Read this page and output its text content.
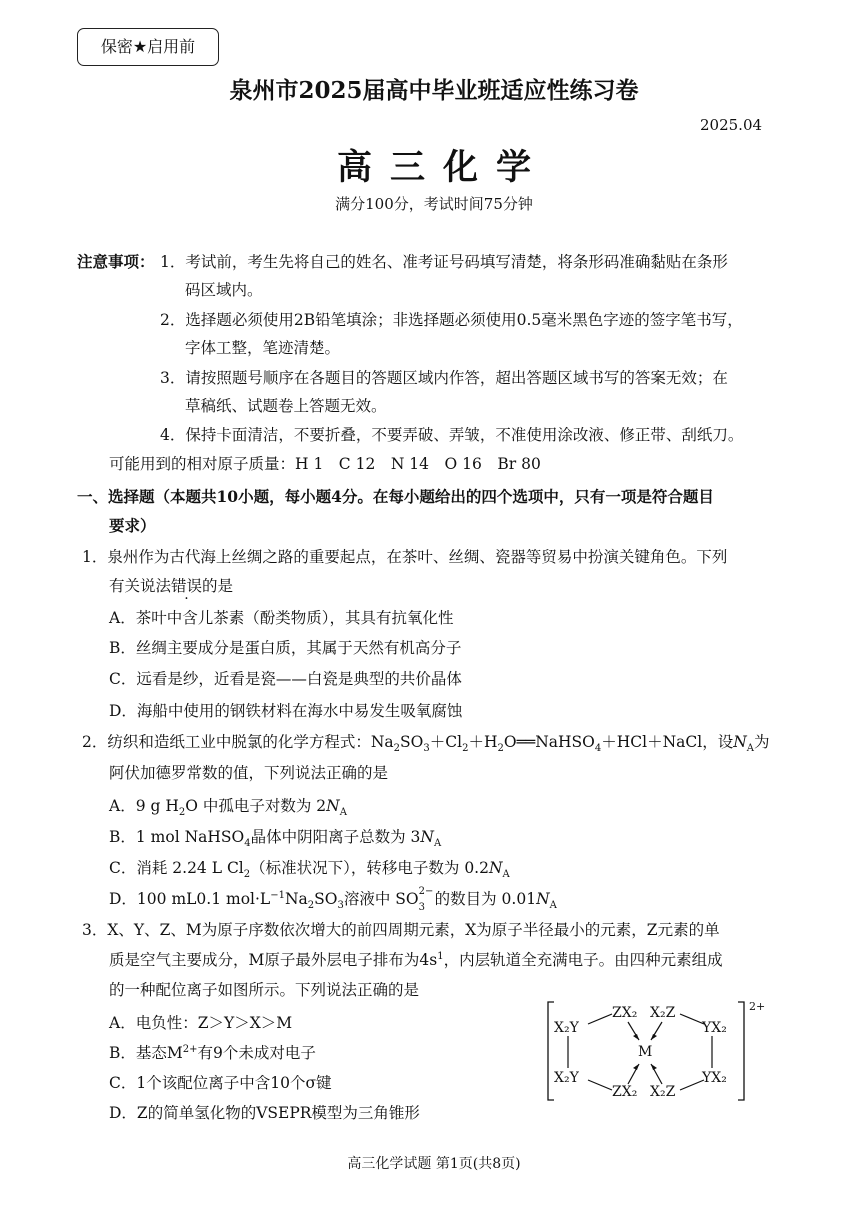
保密★启用前
泉州市2025届高中毕业班适应性练习卷
2025.04
高三化学
满分100分，考试时间75分钟
注意事项： 1．考试前，考生先将自己的姓名、准考证号码填写清楚，将条形码准确黏贴在条形
码区域内。
2．选择题必须使用2B铅笔填涂；非选择题必须使用0.5毫米黑色字迹的签字笔书写，
字体工整，笔迹清楚。
3．请按照题号顺序在各题目的答题区域内作答，超出答题区域书写的答案无效；在
草稿纸、试题卷上答题无效。
4．保持卡面清洁，不要折叠，不要弄破、弄皱，不准使用涂改液、修正带、刮纸刀。
可能用到的相对原子质量：H 1　C 12　N 14　O 16　Br 80
一、选择题（本题共10小题，每小题4分。在每小题给出的四个选项中，只有一项是符合题目
要求）
1．泉州作为古代海上丝绸之路的重要起点，在茶叶、丝绸、瓷器等贸易中扮演关键角色。下列
有关说法错误的是
A．茶叶中含儿茶素（酚类物质），其具有抗氧化性
B．丝绸主要成分是蛋白质，其属于天然有机高分子
C．远看是纱，近看是瓷——白瓷是典型的共价晶体
D．海船中使用的钢铁材料在海水中易发生吸氧腐蚀
2．纺织和造纸工业中脱氯的化学方程式：$Na_2SO_3+Cl_2+H_2O══NaHSO_4+HCl+NaCl$，设$N_A$为
阿伏加德罗常数的值，下列说法正确的是
A．9 g $H_2O$ 中孤电子对数为 $2N_A$
B．1 mol NaHSO$_4$晶体中阴阳离子总数为 $3N_A$
C．消耗 2.24 L $Cl_2$（标准状况下），转移电子数为 $0.2N_A$
D．100 mL0.1 $mol\cdot L^{-1}Na_2SO_3$溶液中 SO 2−
3 的数目为 $0.01N_A$
3．X、Y、Z、M为原子序数依次增大的前四周期元素，X为原子半径最小的元素，Z元素的单
质是空气主要成分，M原子最外层电子排布为$4s^1$，内层轨道全充满电子。由四种元素组成
的一种配位离子如图所示。下列说法正确的是
A．电负性：Z＞Y＞X＞M
B．基态$M^{2+}$有9个未成对电子
C．1个该配位离子中含10个σ键
D．Z的简单氢化物的VSEPR模型为三角锥形
2+
X₂Y
X₂Y
ZX₂
ZX₂
X₂Z
X₂Z
YX₂
YX₂
M
高三化学试题 第1页(共8页)
